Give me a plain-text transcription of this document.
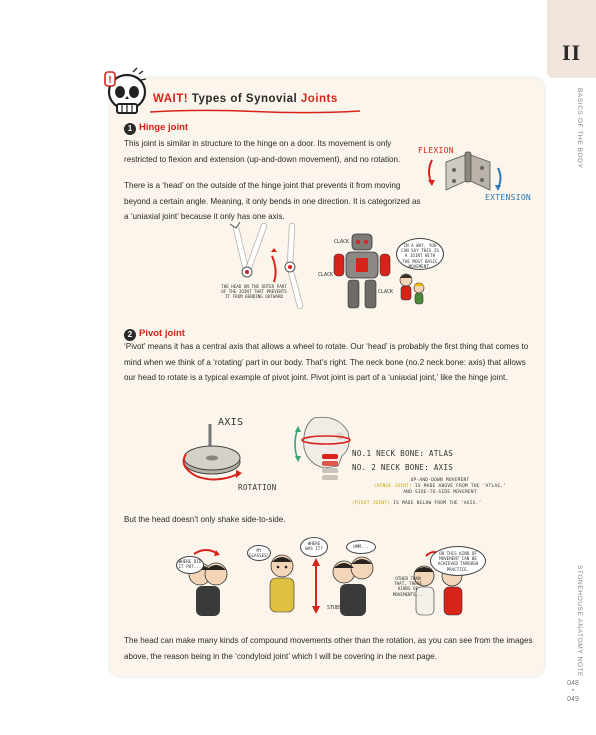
II
BASICS OF THE BODY
STONEHOUSE ANATOMY NOTE
048
•
049
!
WAIT! Types of Synovial Joints
1 Hinge joint
This joint is similar in structure to the hinge on a door. Its movement is only restricted to flexion and extension (up-and-down movement), and no rotation.
There is a ‘head’ on the outside of the hinge joint that prevents it from moving beyond a certain angle. Meaning, it only bends in one direction. It is categorized as a ‘uniaxial joint’ because it only has one axis.
FLEXION
EXTENSION
THE HEAD ON THE OUTER PART OF THE JOINT THAT PREVENTS IT FROM BENDING OUTWARD
CLACK
CLACK
CLACK
IN A WAY, YOU CAN SAY THIS IS A JOINT WITH THE MOST BASIC MOVEMENT.
2 Pivot joint
‘Pivot’ means it has a central axis that allows a wheel to rotate. Our ‘head’ is probably the first thing that comes to mind when we think of a ‘rotating’ part in our body. That’s right. The neck bone (no.2 neck bone: axis) that allows our head to rotate is a typical example of pivot joint. Pivot joint is part of a ‘uniaxial joint,’ like the hinge joint.
AXIS
ROTATION
NO.1 NECK BONE: ATLAS
NO. 2 NECK BONE: AXIS
UP-AND-DOWN MOVEMENT
(HINGE JOINT) IS MADE ABOVE FROM THE ‘ATLAS,’
AND SIDE-TO-SIDE MOVEMENT
(PIVOT JOINT) IS MADE BELOW FROM THE ‘AXIS.’
But the head doesn’t only shake side-to-side.
WHERE DID IT PUT...
MY GLASSES!
WHERE WAS IT?	HMM...
OTHER THAN THAT, THESE KINDS OF MOVEMENTS...
OR THIS KIND OF MOVEMENT CAN BE ACHIEVED THROUGH PRACTICE.
STUBS
The head can make many kinds of compound movements other than the rotation, as you can see from the images above, the reason being in the ‘condyloid joint’ which I will be covering in the next page.
